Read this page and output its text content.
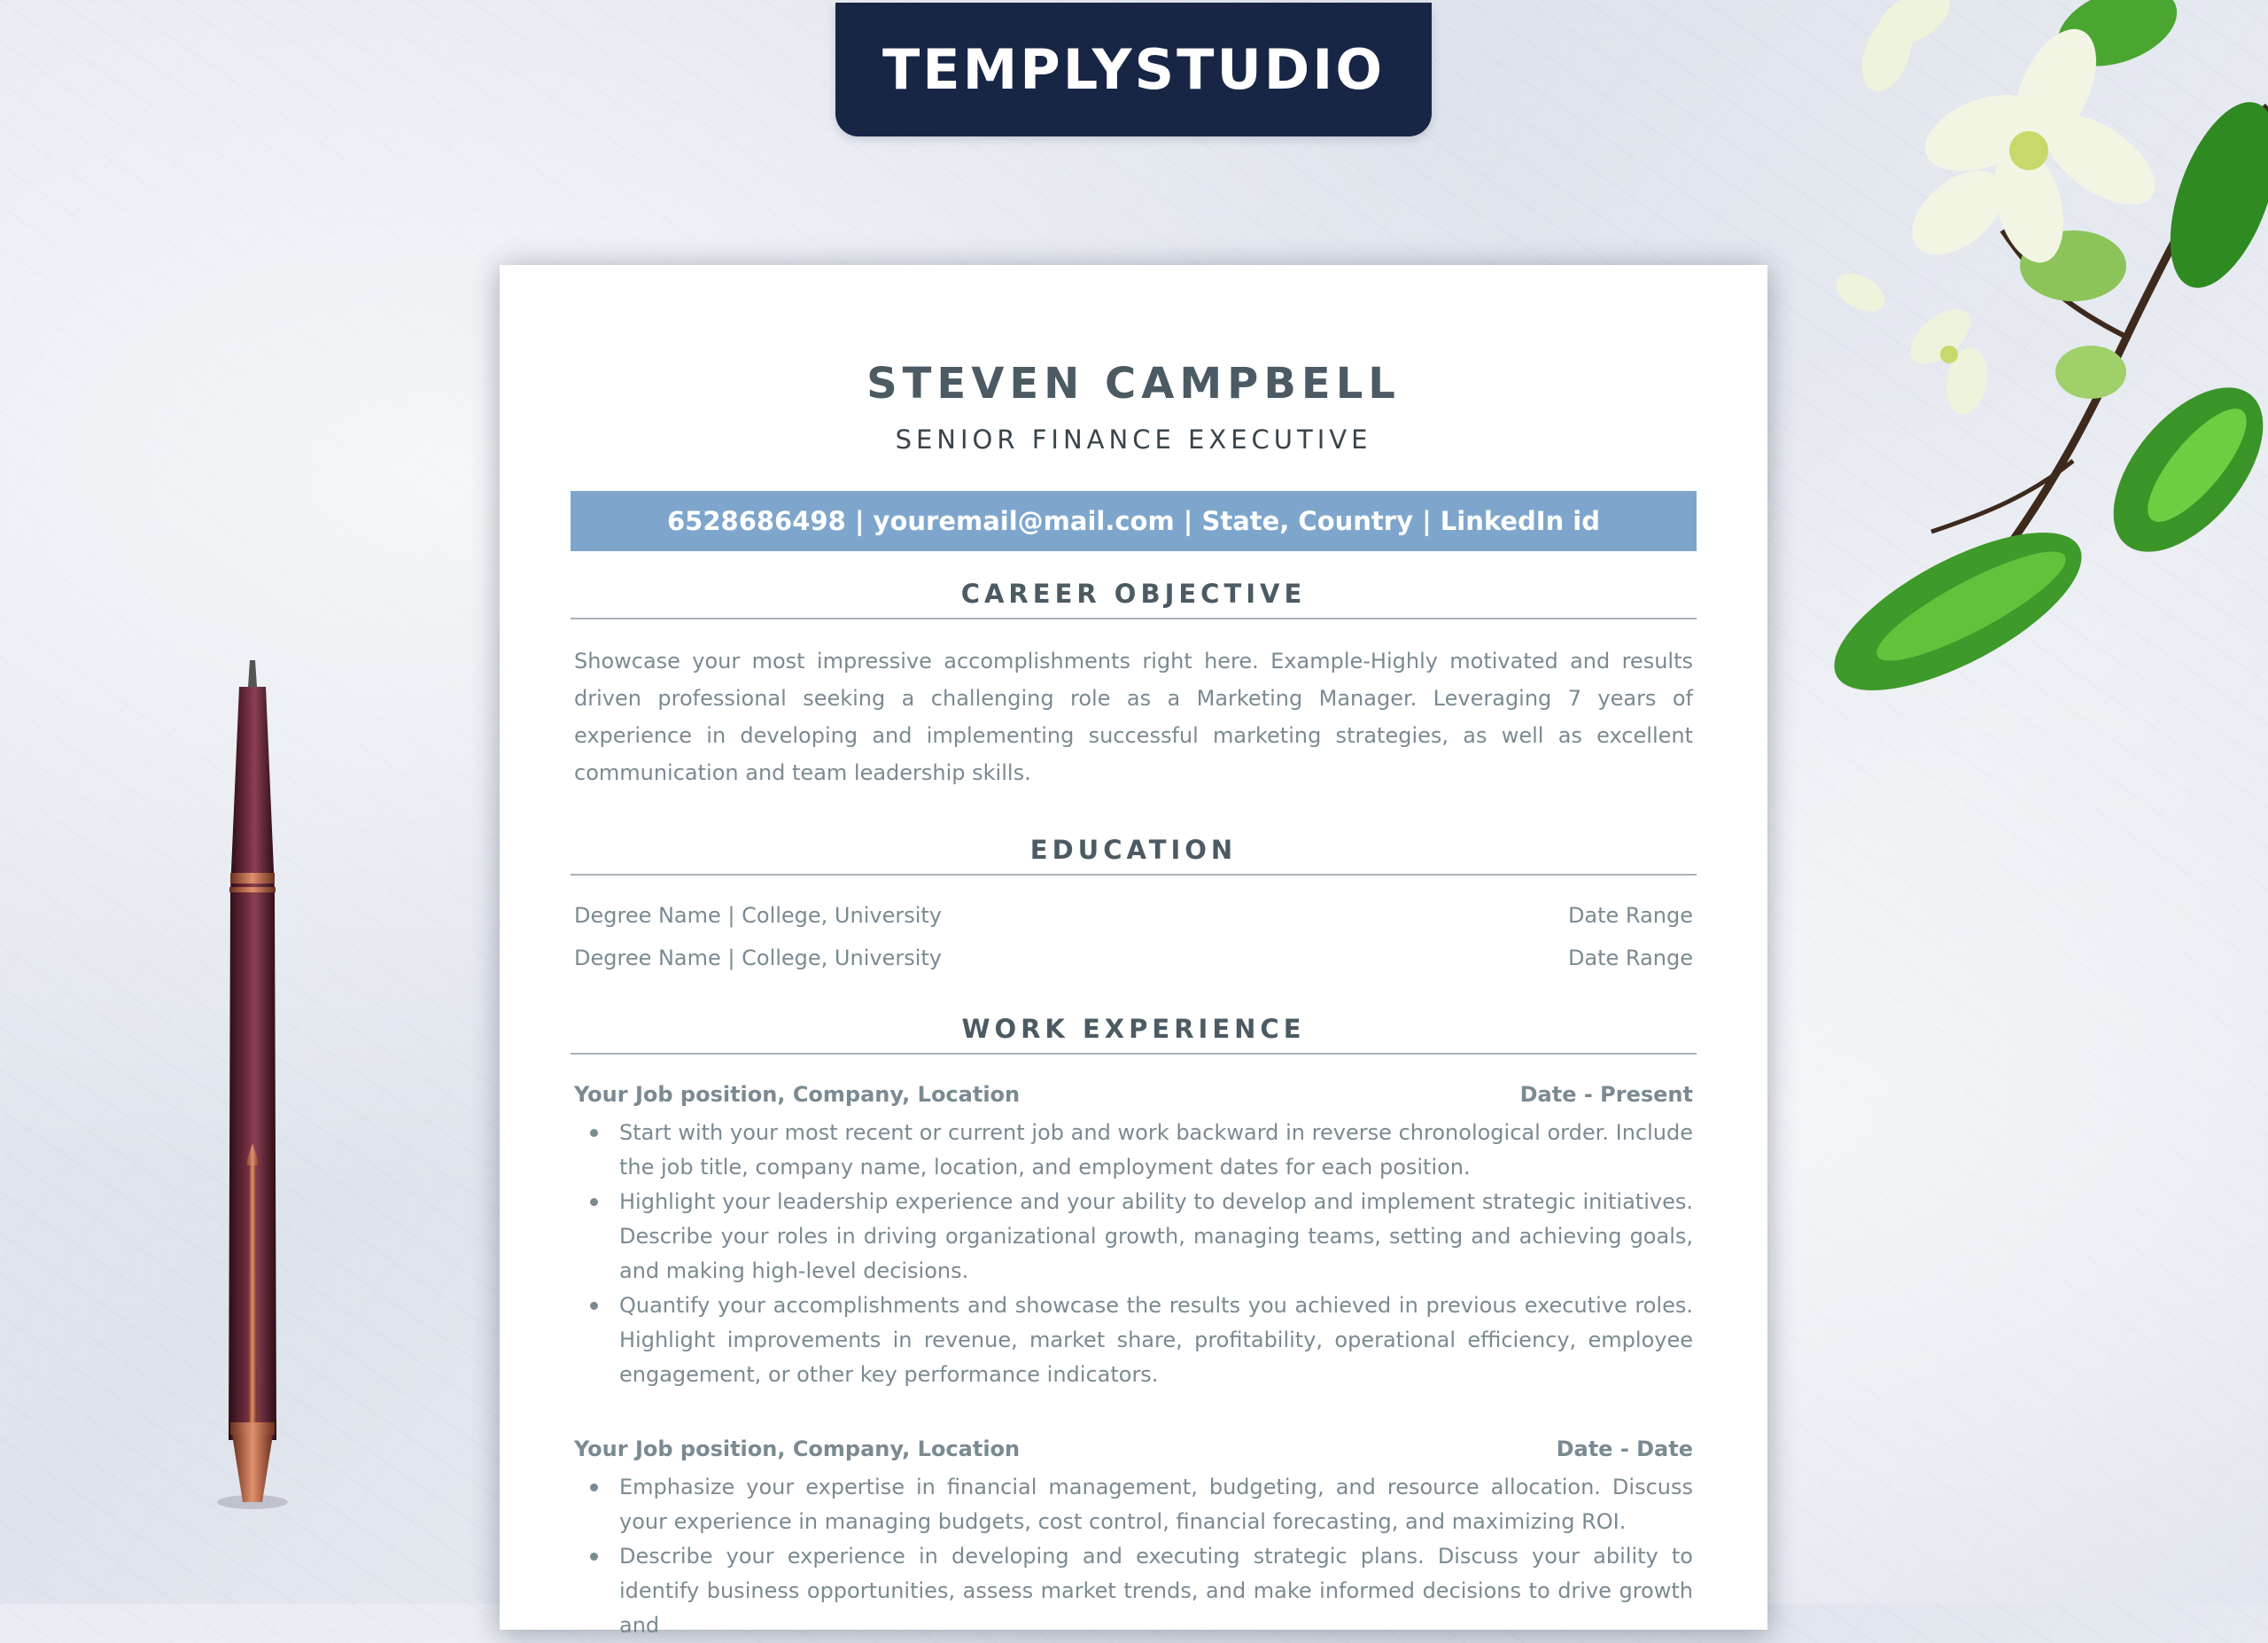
TEMPLYSTUDIO
STEVEN CAMPBELL
SENIOR FINANCE EXECUTIVE
6528686498 | youremail@mail.com | State, Country | LinkedIn id
CAREER OBJECTIVE
Showcase your most impressive accomplishments right here. Example-Highly motivated and results driven professional seeking a challenging role as a Marketing Manager. Leveraging 7 years of experience in developing and implementing successful marketing strategies, as well as excellent communication and team leadership skills.
EDUCATION
Degree Name | College, University	Date Range
Degree Name | College, University	Date Range
WORK EXPERIENCE
Your Job position, Company, Location	Date - Present
Start with your most recent or current job and work backward in reverse chronological order. Include the job title, company name, location, and employment dates for each position.
Highlight your leadership experience and your ability to develop and implement strategic initiatives. Describe your roles in driving organizational growth, managing teams, setting and achieving goals, and making high-level decisions.
Quantify your accomplishments and showcase the results you achieved in previous executive roles. Highlight improvements in revenue, market share, profitability, operational efficiency, employee engagement, or other key performance indicators.
Your Job position, Company, Location	Date - Date
Emphasize your expertise in financial management, budgeting, and resource allocation. Discuss your experience in managing budgets, cost control, financial forecasting, and maximizing ROI.
Describe your experience in developing and executing strategic plans. Discuss your ability to identify business opportunities, assess market trends, and make informed decisions to drive growth and
